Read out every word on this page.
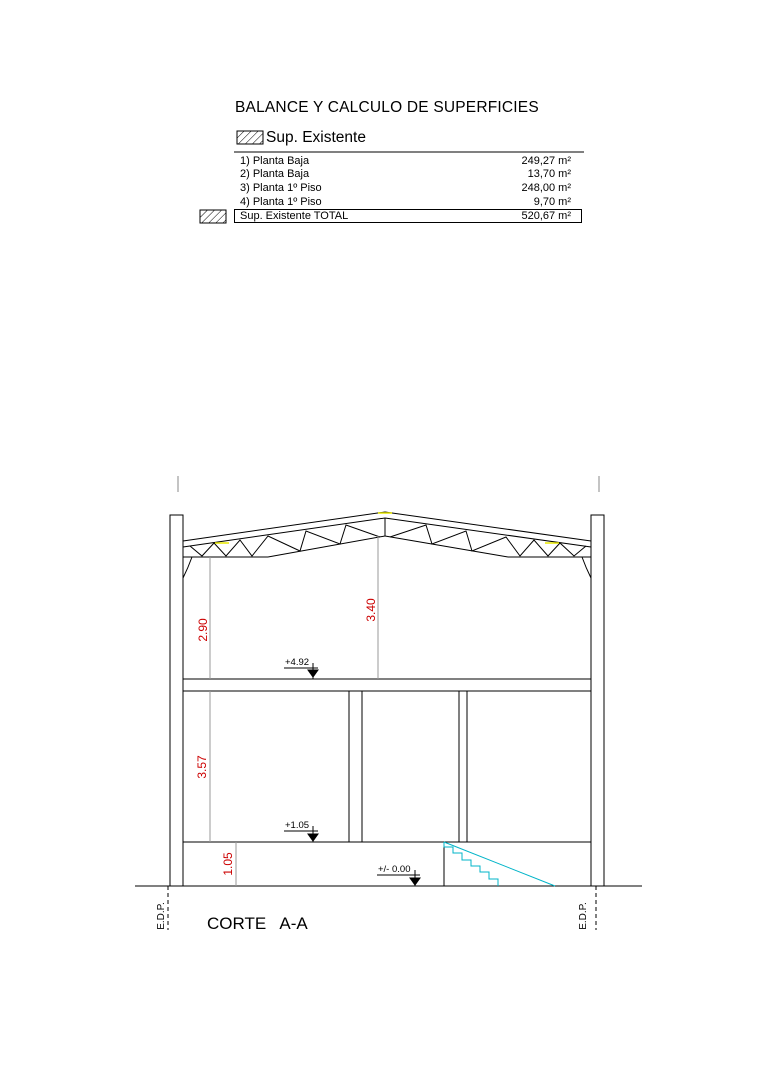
BALANCE Y CALCULO DE SUPERFICIES
Sup. Existente
1) Planta Baja	249,27 m²
2) Planta Baja	13,70 m²
3) Planta 1º Piso	248,00 m²
4) Planta 1º Piso	9,70 m²
Sup. Existente TOTAL	520,67 m²
2.90
3.40
3.57
1.05
+4.92
+1.05
+/- 0.00
E.D.P.	E.D.P.
CORTE   A-A
